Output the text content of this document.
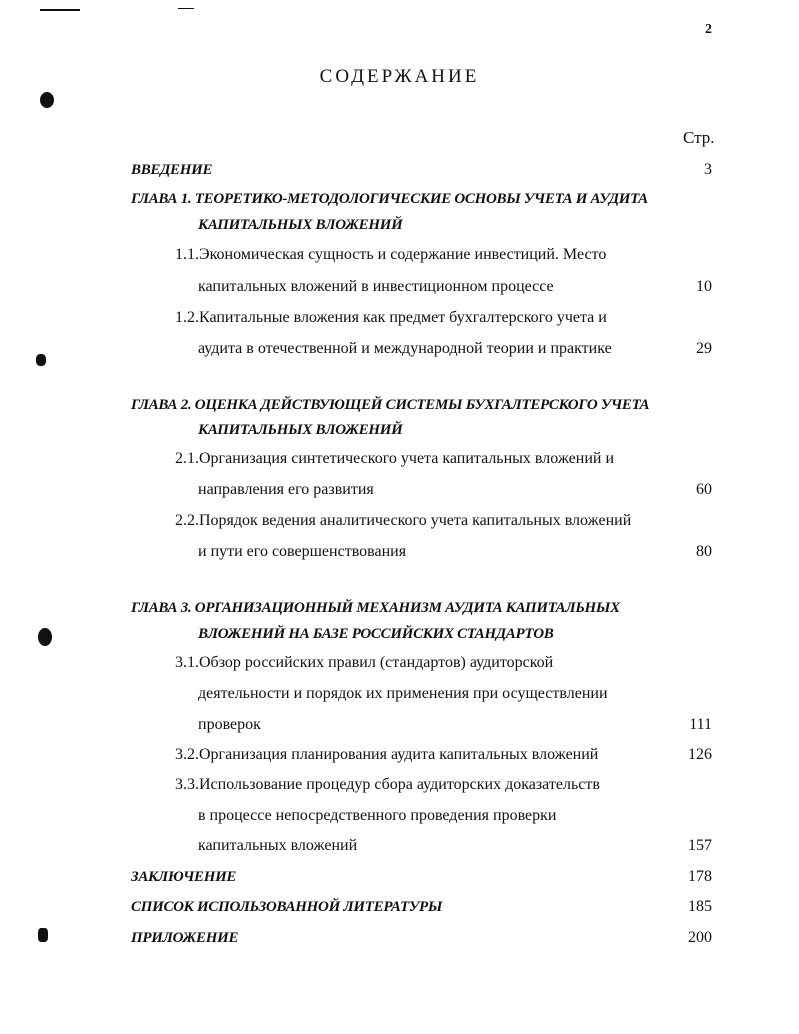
2
СОДЕРЖАНИЕ
Стр.
ВВЕДЕНИЕ	3
ГЛАВА 1. ТЕОРЕТИКО-МЕТОДОЛОГИЧЕСКИЕ ОСНОВЫ УЧЕТА И АУДИТА
КАПИТАЛЬНЫХ ВЛОЖЕНИЙ
1.1.Экономическая сущность и содержание инвестиций. Место
капитальных вложений в инвестиционном процессе	10
1.2.Капитальные вложения как предмет бухгалтерского учета и
аудита в отечественной и международной теории и практике	29
ГЛАВА 2. ОЦЕНКА ДЕЙСТВУЮЩЕЙ СИСТЕМЫ БУХГАЛТЕРСКОГО УЧЕТА
КАПИТАЛЬНЫХ ВЛОЖЕНИЙ
2.1.Организация синтетического учета капитальных вложений и
направления его развития	60
2.2.Порядок ведения аналитического учета капитальных вложений
и пути его совершенствования	80
ГЛАВА 3. ОРГАНИЗАЦИОННЫЙ МЕХАНИЗМ АУДИТА КАПИТАЛЬНЫХ
ВЛОЖЕНИЙ НА БАЗЕ РОССИЙСКИХ СТАНДАРТОВ
3.1.Обзор российских правил (стандартов) аудиторской
деятельности и порядок их применения при осуществлении
проверок	111
3.2.Организация планирования аудита капитальных вложений	126
3.3.Использование процедур сбора аудиторских доказательств
в процессе непосредственного проведения проверки
капитальных вложений	157
ЗАКЛЮЧЕНИЕ	178
СПИСОК ИСПОЛЬЗОВАННОЙ ЛИТЕРАТУРЫ	185
ПРИЛОЖЕНИЕ	200
